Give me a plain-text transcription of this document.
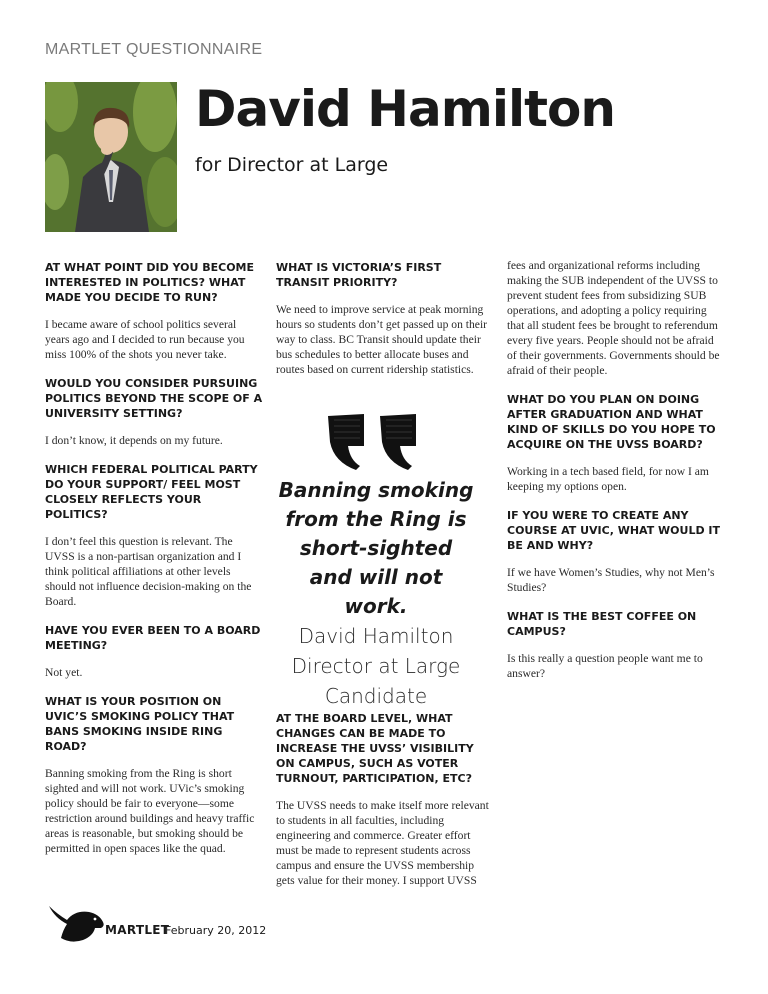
MARTLET QUESTIONNAIRE
David Hamilton
for Director at Large

AT WHAT POINT DID YOU BECOME INTERESTED IN POLITICS? WHAT MADE YOU DECIDE TO RUN?

I became aware of school politics several years ago and I decided to run because you miss 100% of the shots you never take.

WOULD YOU CONSIDER PURSUING POLITICS BEYOND THE SCOPE OF A UNIVERSITY SETTING?

I don’t know, it depends on my future.

WHICH FEDERAL POLITICAL PARTY DO YOUR SUPPORT/ FEEL MOST CLOSELY REFLECTS YOUR POLITICS?

I don’t feel this question is relevant. The UVSS is a non-partisan organization and I think political affiliations at other levels should not influence decision-making on the Board.

HAVE YOU EVER BEEN TO A BOARD MEETING?

Not yet.

WHAT IS YOUR POSITION ON UVIC’S SMOKING POLICY THAT BANS SMOKING INSIDE RING ROAD?

Banning smoking from the Ring is short sighted and will not work. UVic’s smoking policy should be fair to everyone—some restriction around buildings and heavy traffic areas is reasonable, but smoking should be permitted in open spaces like the quad.

WHAT IS VICTORIA’S FIRST TRANSIT PRIORITY?

We need to improve service at peak morning hours so students don’t get passed up on their way to class. BC Transit should update their bus schedules to better allocate buses and routes based on current ridership statistics.

Banning smoking from the Ring is short-sighted and will not work.

David Hamilton

Director at Large Candidate

AT THE BOARD LEVEL, WHAT CHANGES CAN BE MADE TO INCREASE THE UVSS’ VISIBILITY ON CAMPUS, SUCH AS VOTER TURNOUT, PARTICIPATION, ETC?

The UVSS needs to make itself more relevant to students in all faculties, including engineering and commerce. Greater effort must be made to represent students across campus and ensure the UVSS membership gets value for their money. I support UVSS

fees and organizational reforms including making the SUB independent of the UVSS to prevent student fees from subsidizing SUB operations, and adopting a policy requiring that all student fees be brought to referendum every five years. People should not be afraid of their governments. Governments should be afraid of their people.

WHAT DO YOU PLAN ON DOING AFTER GRADUATION AND WHAT KIND OF SKILLS DO YOU HOPE TO ACQUIRE ON THE UVSS BOARD?

Working in a tech based field, for now I am keeping my options open.

IF YOU WERE TO CREATE ANY COURSE AT UVIC, WHAT WOULD IT BE AND WHY?

If we have Women’s Studies, why not Men’s Studies?

WHAT IS THE BEST COFFEE ON CAMPUS?

Is this really a question people want me to answer?

MARTLET
February 20, 2012
